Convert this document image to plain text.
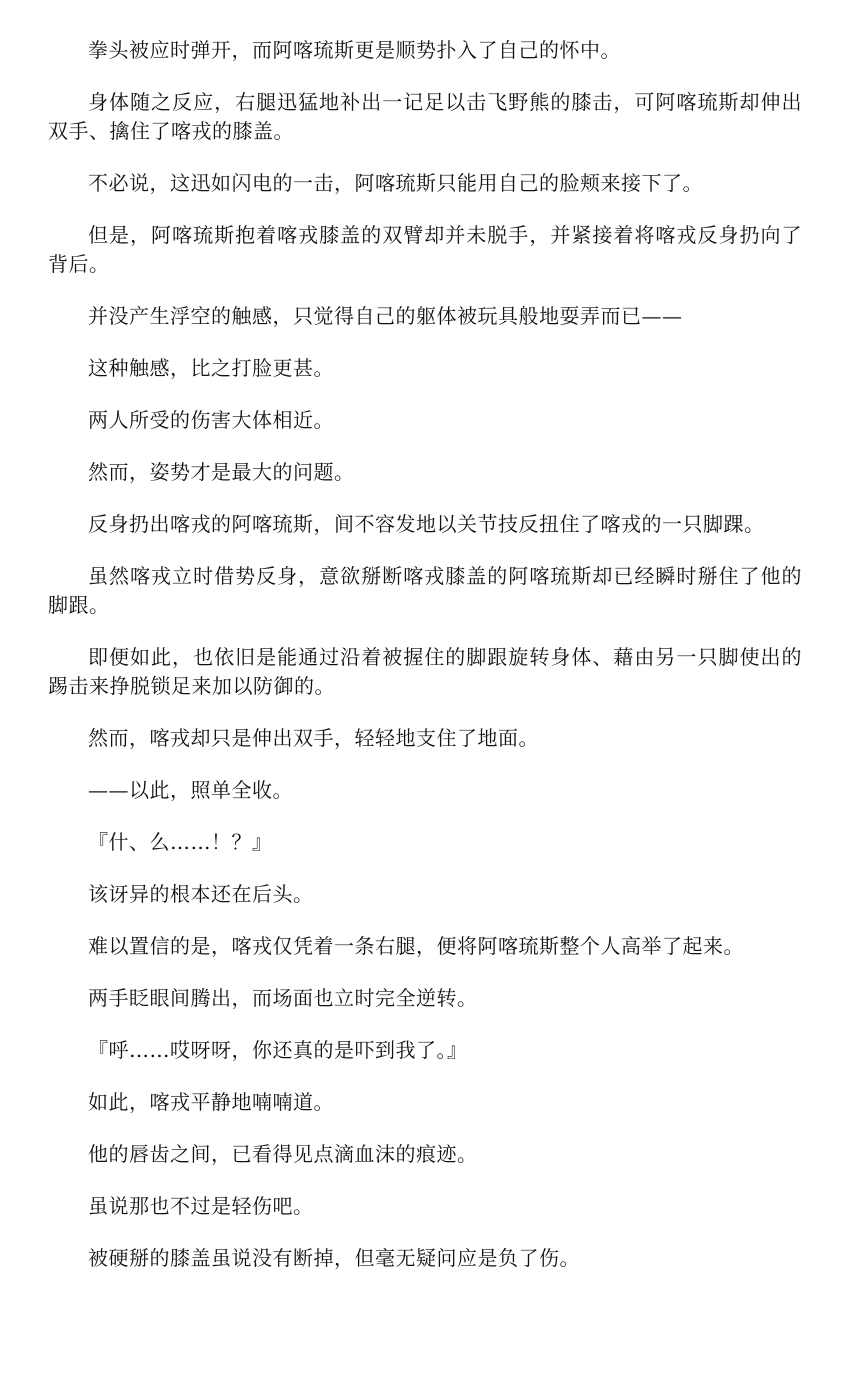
拳头被应时弹开，而阿喀琉斯更是顺势扑入了自己的怀中。

身体随之反应，右腿迅猛地补出一记足以击飞野熊的膝击，可阿喀琉斯却伸出双手、擒住了喀戎的膝盖。

不必说，这迅如闪电的一击，阿喀琉斯只能用自己的脸颊来接下了。

但是，阿喀琉斯抱着喀戎膝盖的双臂却并未脱手，并紧接着将喀戎反身扔向了背后。

并没产生浮空的触感，只觉得自己的躯体被玩具般地耍弄而已——

这种触感，比之打脸更甚。

两人所受的伤害大体相近。

然而，姿势才是最大的问题。

反身扔出喀戎的阿喀琉斯，间不容发地以关节技反扭住了喀戎的一只脚踝。

虽然喀戎立时借势反身，意欲掰断喀戎膝盖的阿喀琉斯却已经瞬时掰住了他的脚跟。

即便如此，也依旧是能通过沿着被握住的脚跟旋转身体、藉由另一只脚使出的踢击来挣脱锁足来加以防御的。

然而，喀戎却只是伸出双手，轻轻地支住了地面。

——以此，照单全收。

『什、么……！？』

该讶异的根本还在后头。

难以置信的是，喀戎仅凭着一条右腿，便将阿喀琉斯整个人高举了起来。

两手眨眼间腾出，而场面也立时完全逆转。

『呼……哎呀呀，你还真的是吓到我了。』

如此，喀戎平静地喃喃道。

他的唇齿之间，已看得见点滴血沫的痕迹。

虽说那也不过是轻伤吧。

被硬掰的膝盖虽说没有断掉，但毫无疑问应是负了伤。
